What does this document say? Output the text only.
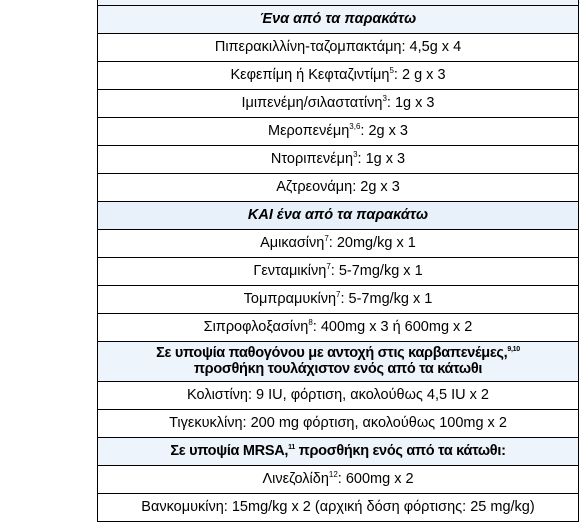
Ένα από τα παρακάτω
Πιπερακιλλίνη-ταζομπακτάμη: 4,5g x 4
Κεφεπίμη ή Κεφταζιντίμη$^5$: 2 g x 3
Ιμιπενέμη/σιλαστατίνη$^3$: 1g x 3
Μεροπενέμη$^{3,6}$: 2g x 3
Ντοριπενέμη$^3$: 1g x 3
Αζτρεονάμη: 2g x 3
ΚΑΙ ένα από τα παρακάτω
Αμικασίνη$^7$: 20mg/kg x 1
Γενταμικίνη$^7$: 5-7mg/kg x 1
Τομπραμυκίνη$^7$: 5-7mg/kg x 1
Σιπροφλοξασίνη$^8$: 400mg x 3 ή 600mg x 2
Σε υποψία παθογόνου με αντοχή στις καρβαπενέμες,$^{9,10}$
προσθήκη τουλάχιστον ενός από τα κάτωθι
Κολιστίνη: 9 IU, φόρτιση, ακολούθως 4,5 IU x 2
Τιγεκυκλίνη: 200 mg φόρτιση, ακολούθως 100mg x 2
Σε υποψία MRSA,$^{11}$ προσθήκη ενός από τα κάτωθι:
Λινεζολίδη$^{12}$: 600mg x 2
Βανκομυκίνη: 15mg/kg x 2 (αρχική δόση φόρτισης: 25 mg/kg)
